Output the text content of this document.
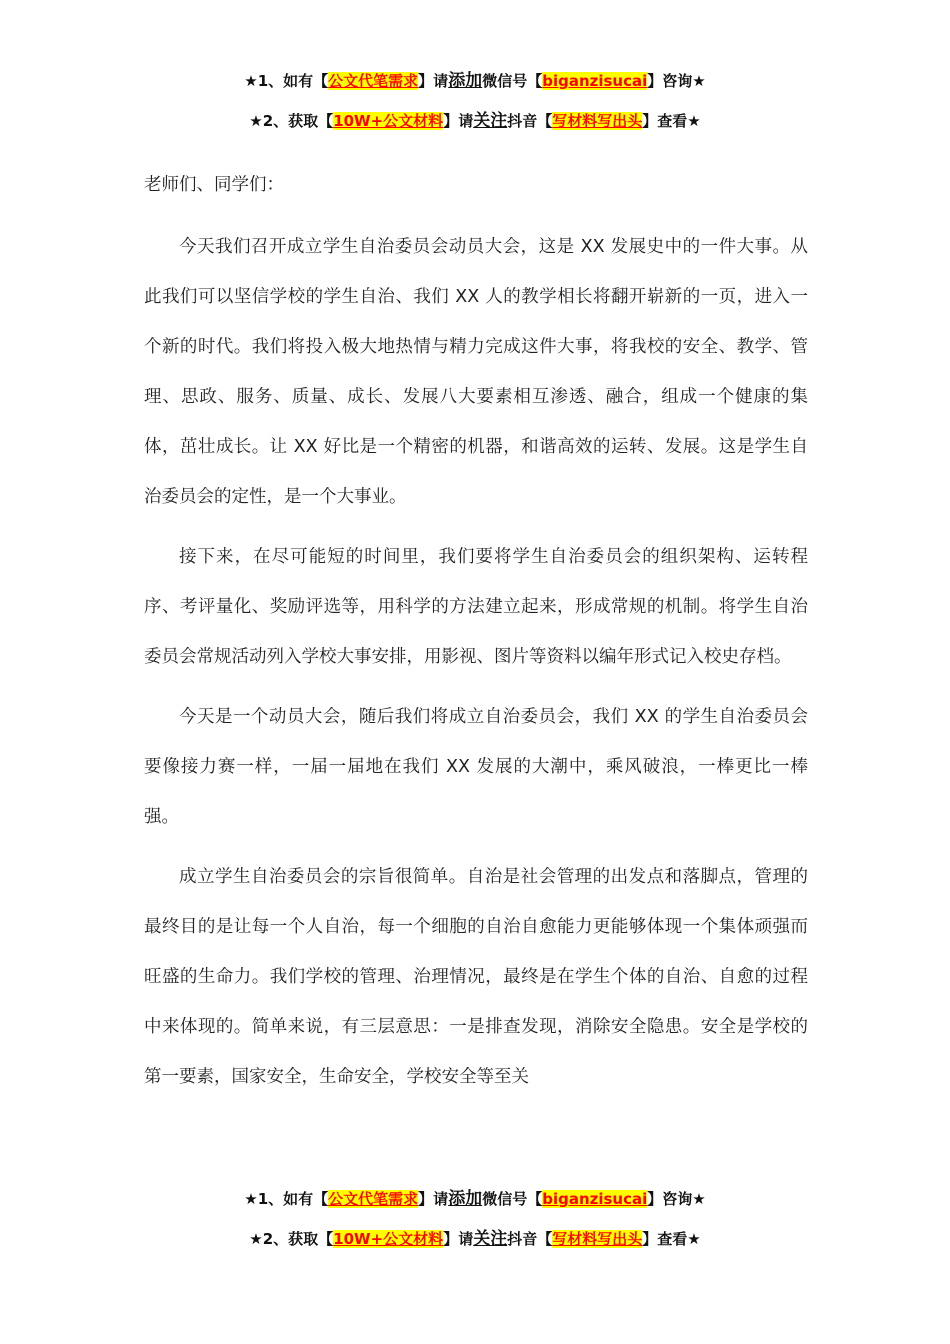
★1、如有【公文代笔需求】请添加微信号【biganzisucai】咨询★
★2、获取【10W+公文材料】请关注抖音【写材料写出头】查看★

老师们、同学们：

今天我们召开成立学生自治委员会动员大会，这是 XX 发展史中的一件大事。从此我们可以坚信学校的学生自治、我们 XX 人的教学相长将翻开崭新的一页，进入一个新的时代。我们将投入极大地热情与精力完成这件大事，将我校的安全、教学、管理、思政、服务、质量、成长、发展八大要素相互渗透、融合，组成一个健康的集体，茁壮成长。让 XX 好比是一个精密的机器，和谐高效的运转、发展。这是学生自治委员会的定性，是一个大事业。

接下来，在尽可能短的时间里，我们要将学生自治委员会的组织架构、运转程序、考评量化、奖励评选等，用科学的方法建立起来，形成常规的机制。将学生自治委员会常规活动列入学校大事安排，用影视、图片等资料以编年形式记入校史存档。

今天是一个动员大会，随后我们将成立自治委员会，我们 XX 的学生自治委员会要像接力赛一样，一届一届地在我们 XX 发展的大潮中，乘风破浪，一棒更比一棒强。

成立学生自治委员会的宗旨很简单。自治是社会管理的出发点和落脚点，管理的最终目的是让每一个人自治，每一个细胞的自治自愈能力更能够体现一个集体顽强而旺盛的生命力。我们学校的管理、治理情况，最终是在学生个体的自治、自愈的过程中来体现的。简单来说，有三层意思：一是排查发现，消除安全隐患。安全是学校的第一要素，国家安全，生命安全，学校安全等至关

★1、如有【公文代笔需求】请添加微信号【biganzisucai】咨询★
★2、获取【10W+公文材料】请关注抖音【写材料写出头】查看★
